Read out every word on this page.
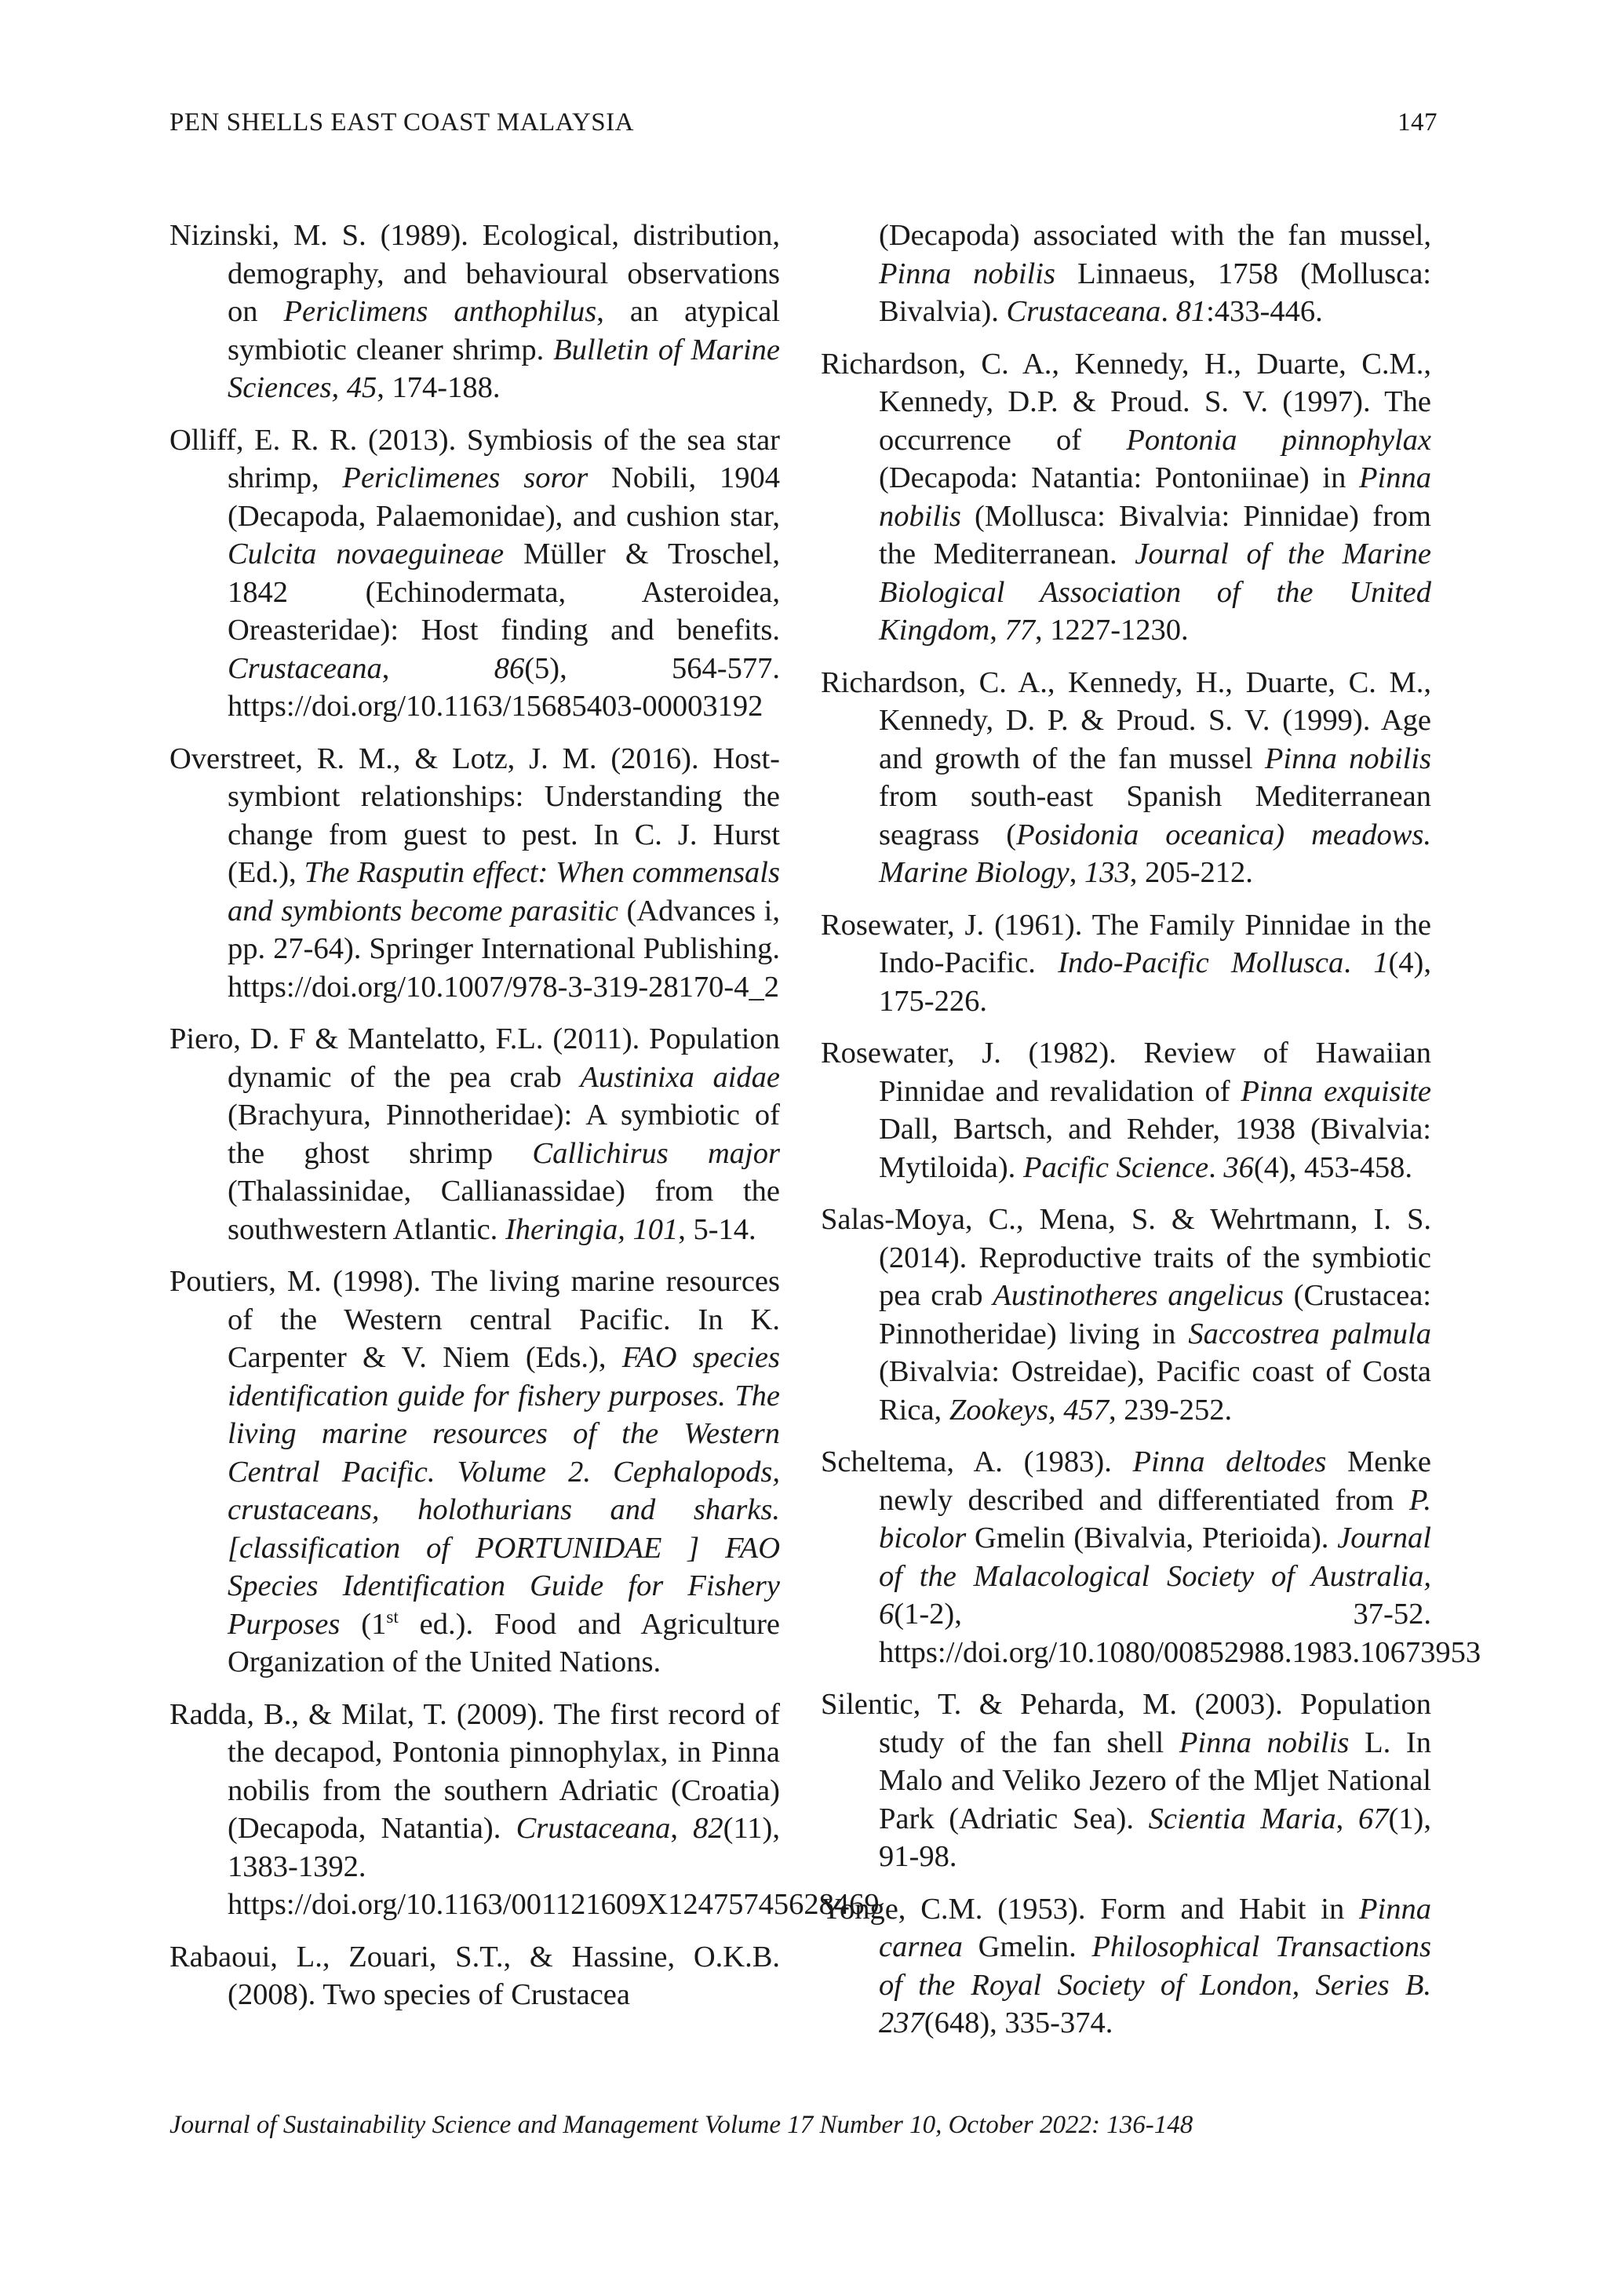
PEN SHELLS EAST COAST MALAYSIA	147

Nizinski, M. S. (1989). Ecological, distribution, demography, and behavioural observations on Periclimens anthophilus, an atypical symbiotic cleaner shrimp. Bulletin of Marine Sciences, 45, 174-188.

Olliff, E. R. R. (2013). Symbiosis of the sea star shrimp, Periclimenes soror Nobili, 1904 (Decapoda, Palaemonidae), and cushion star, Culcita novaeguineae Müller & Troschel, 1842 (Echinodermata, Asteroidea, Oreasteridae): Host finding and benefits. Crustaceana, 86(5), 564-577. https://doi.org/10.1163/15685403-00003192

Overstreet, R. M., & Lotz, J. M. (2016). Host-symbiont relationships: Understanding the change from guest to pest. In C. J. Hurst (Ed.), The Rasputin effect: When commensals and symbionts become parasitic (Advances i, pp. 27-64). Springer International Publishing. https://doi.org/10.1007/978-3-319-28170-4_2

Piero, D. F & Mantelatto, F.L. (2011). Population dynamic of the pea crab Austinixa aidae (Brachyura, Pinnotheridae): A symbiotic of the ghost shrimp Callichirus major (Thalassinidae, Callianassidae) from the southwestern Atlantic. Iheringia, 101, 5-14.

Poutiers, M. (1998). The living marine resources of the Western central Pacific. In K. Carpenter & V. Niem (Eds.), FAO species identification guide for fishery purposes. The living marine resources of the Western Central Pacific. Volume 2. Cephalopods, crustaceans, holothurians and sharks. [classification of PORTUNIDAE ] FAO Species Identification Guide for Fishery Purposes (1st ed.). Food and Agriculture Organization of the United Nations.

Radda, B., & Milat, T. (2009). The first record of the decapod, Pontonia pinnophylax, in Pinna nobilis from the southern Adriatic (Croatia) (Decapoda, Natantia). Crustaceana, 82(11), 1383-1392. https://doi.org/10.1163/001121609X12475745628469

Rabaoui, L., Zouari, S.T., & Hassine, O.K.B. (2008). Two species of Crustacea

(Decapoda) associated with the fan mussel, Pinna nobilis Linnaeus, 1758 (Mollusca: Bivalvia). Crustaceana. 81:433-446.

Richardson, C. A., Kennedy, H., Duarte, C.M., Kennedy, D.P. & Proud. S. V. (1997). The occurrence of Pontonia pinnophylax (Decapoda: Natantia: Pontoniinae) in Pinna nobilis (Mollusca: Bivalvia: Pinnidae) from the Mediterranean. Journal of the Marine Biological Association of the United Kingdom, 77, 1227-1230.

Richardson, C. A., Kennedy, H., Duarte, C. M., Kennedy, D. P. & Proud. S. V. (1999). Age and growth of the fan mussel Pinna nobilis from south-east Spanish Mediterranean seagrass (Posidonia oceanica) meadows. Marine Biology, 133, 205-212.

Rosewater, J. (1961). The Family Pinnidae in the Indo-Pacific. Indo-Pacific Mollusca. 1(4), 175-226.

Rosewater, J. (1982). Review of Hawaiian Pinnidae and revalidation of Pinna exquisite Dall, Bartsch, and Rehder, 1938 (Bivalvia: Mytiloida). Pacific Science. 36(4), 453-458.

Salas-Moya, C., Mena, S. & Wehrtmann, I. S. (2014). Reproductive traits of the symbiotic pea crab Austinotheres angelicus (Crustacea: Pinnotheridae) living in Saccostrea palmula (Bivalvia: Ostreidae), Pacific coast of Costa Rica, Zookeys, 457, 239-252.

Scheltema, A. (1983). Pinna deltodes Menke newly described and differentiated from P. bicolor Gmelin (Bivalvia, Pterioida). Journal of the Malacological Society of Australia, 6(1-2), 37-52. https://doi.org/10.1080/00852988.1983.10673953

Silentic, T. & Peharda, M. (2003). Population study of the fan shell Pinna nobilis L. In Malo and Veliko Jezero of the Mljet National Park (Adriatic Sea). Scientia Maria, 67(1), 91-98.

Yonge, C.M. (1953). Form and Habit in Pinna carnea Gmelin. Philosophical Transactions of the Royal Society of London, Series B. 237(648), 335-374.

Journal of Sustainability Science and Management Volume 17 Number 10, October 2022: 136-148
